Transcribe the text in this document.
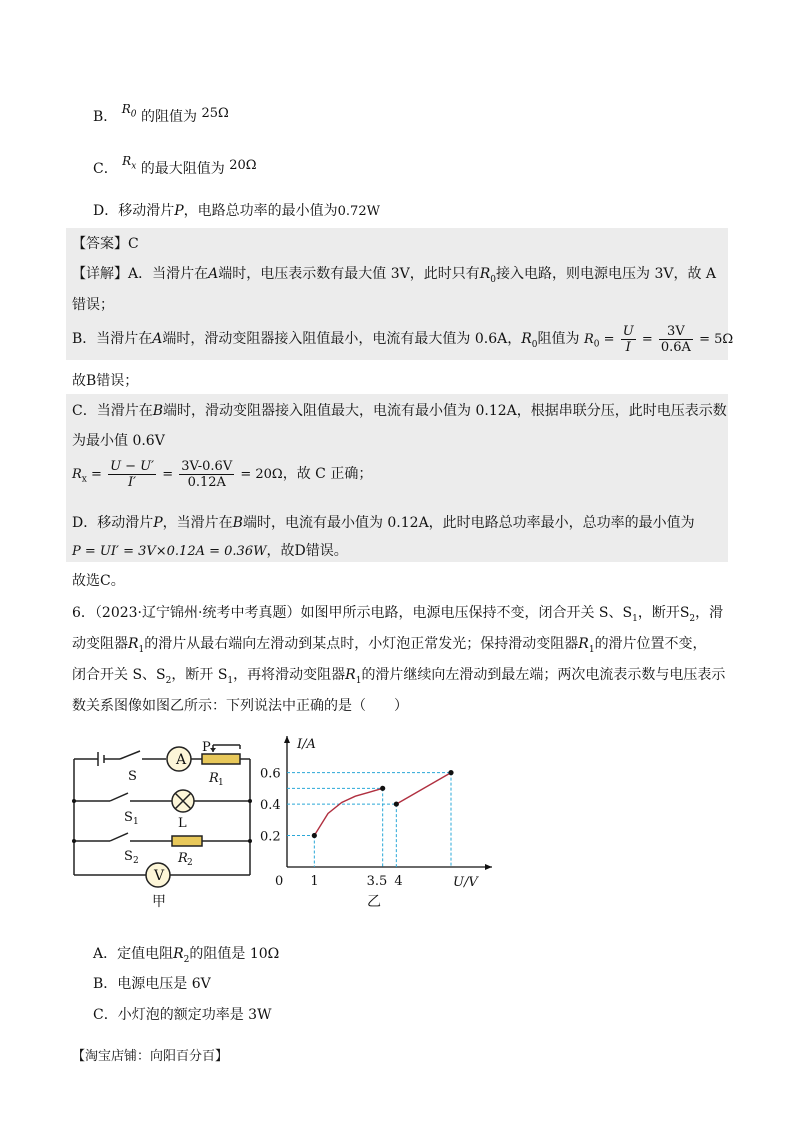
B． $R_0$ 的阻值为 25Ω
C． $R_x$ 的最大阻值为 20Ω
D．移动滑片P，电路总功率的最小值为0.72W
【答案】C
【详解】A．当滑片在A端时，电压表示数有最大值 3V，此时只有$R_0$接入电路，则电源电压为 3V，故 A
错误；
B．当滑片在A端时，滑动变阻器接入阻值最小，电流有最大值为 0.6A，$R_0$阻值为 $R_0 = \frac{U}{I} = \frac{3V}{0.6A} = 5\Omega$
故B错误；
C．当滑片在B端时，滑动变阻器接入阻值最大，电流有最小值为 0.12A，根据串联分压，此时电压表示数
为最小值 0.6V
$R_x = \frac{U - U'}{I'} = \frac{3V-0.6V}{0.12A} = 20\Omega$，故 C 正确；
D．移动滑片P，当滑片在B端时，电流有最小值为 0.12A，此时电路总功率最小，总功率的最小值为
P = UI′ = 3V×0.12A = 0.36W，故D错误。
故选C。
6．（2023·辽宁锦州·统考中考真题）如图甲所示电路，电源电压保持不变，闭合开关 S、$S_1$，断开$S_2$，滑
动变阻器$R_1$的滑片从最右端向左滑动到某点时，小灯泡正常发光；保持滑动变阻器$R_1$的滑片位置不变，
闭合开关 S、$S_2$，断开 $S_1$，再将滑动变阻器$R_1$的滑片继续向左滑动到最左端；两次电流表示数与电压表示
数关系图像如图乙所示：下列说法中正确的是（　　）
A
V
S
P
R 1
S 1	L
S 2	R 2
甲
0 1	3.5 4
0.2
0.4
0.6
I/A
U/V
乙
A．定值电阻$R_2$的阻值是 10Ω
B．电源电压是 6V
C．小灯泡的额定功率是 3W
【淘宝店铺：向阳百分百】
